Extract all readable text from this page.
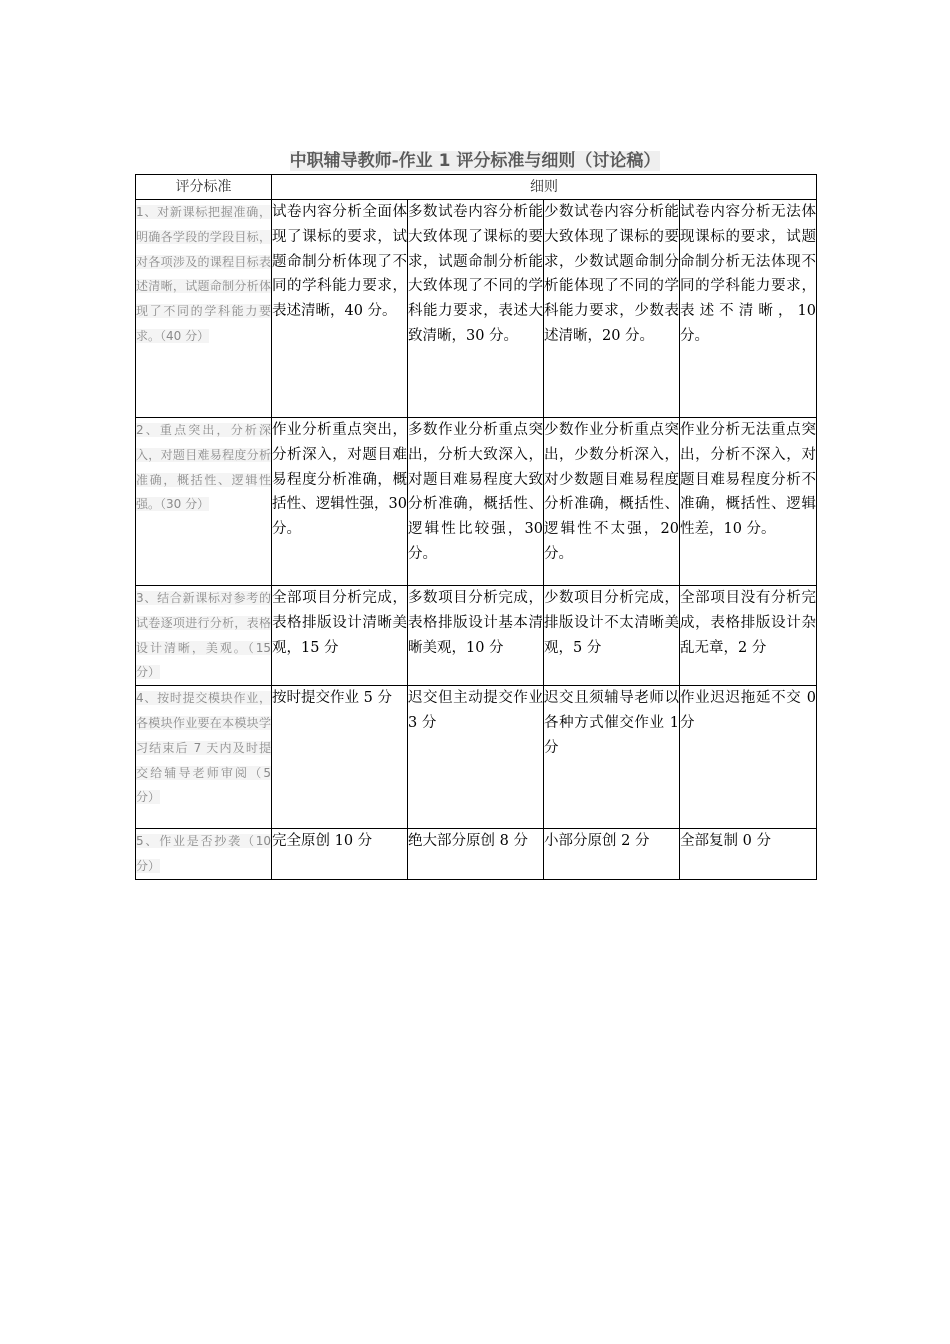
中职辅导教师-作业 1 评分标准与细则（讨论稿）
评分标准	细则			
1、对新课标把握准确，明确各学段的学段目标，对各项涉及的课程目标表述清晰，试题命制分析体现了不同的学科能力要求。（40 分）	试卷内容分析全面体现了课标的要求，试题命制分析体现了不同的学科能力要求，表述清晰，40 分。	多数试卷内容分析能大致体现了课标的要求，试题命制分析能大致体现了不同的学科能力要求，表述大致清晰，30 分。	少数试卷内容分析能大致体现了课标的要求，少数试题命制分析能体现了不同的学科能力要求，少数表述清晰，20 分。	试卷内容分析无法体现课标的要求，试题命制分析无法体现不同的学科能力要求，表述不清晰，10 分。
2、重点突出，分析深入，对题目难易程度分析准确，概括性、逻辑性强。（30 分）	作业分析重点突出，分析深入，对题目难易程度分析准确，概括性、逻辑性强，30 分。	多数作业分析重点突出，分析大致深入，对题目难易程度大致分析准确，概括性、逻辑性比较强，30 分。	少数作业分析重点突出，少数分析深入，对少数题目难易程度分析准确，概括性、逻辑性不太强，20 分。	作业分析无法重点突出，分析不深入，对题目难易程度分析不准确，概括性、逻辑性差，10 分。
3、结合新课标对参考的试卷逐项进行分析，表格设计清晰，美观。（15 分）	全部项目分析完成，表格排版设计清晰美观，15 分	多数项目分析完成，表格排版设计基本清晰美观，10 分	少数项目分析完成，排版设计不太清晰美观，5 分	全部项目没有分析完成，表格排版设计杂乱无章，2 分
4、按时提交模块作业，各模块作业要在本模块学习结束后 7 天内及时提交给辅导老师审阅（5 分）	按时提交作业 5 分	迟交但主动提交作业 3 分	迟交且须辅导老师以各种方式催交作业 1 分	作业迟迟拖延不交 0 分
5、作业是否抄袭（10 分）	完全原创 10 分	绝大部分原创 8 分	小部分原创 2 分	全部复制 0 分
